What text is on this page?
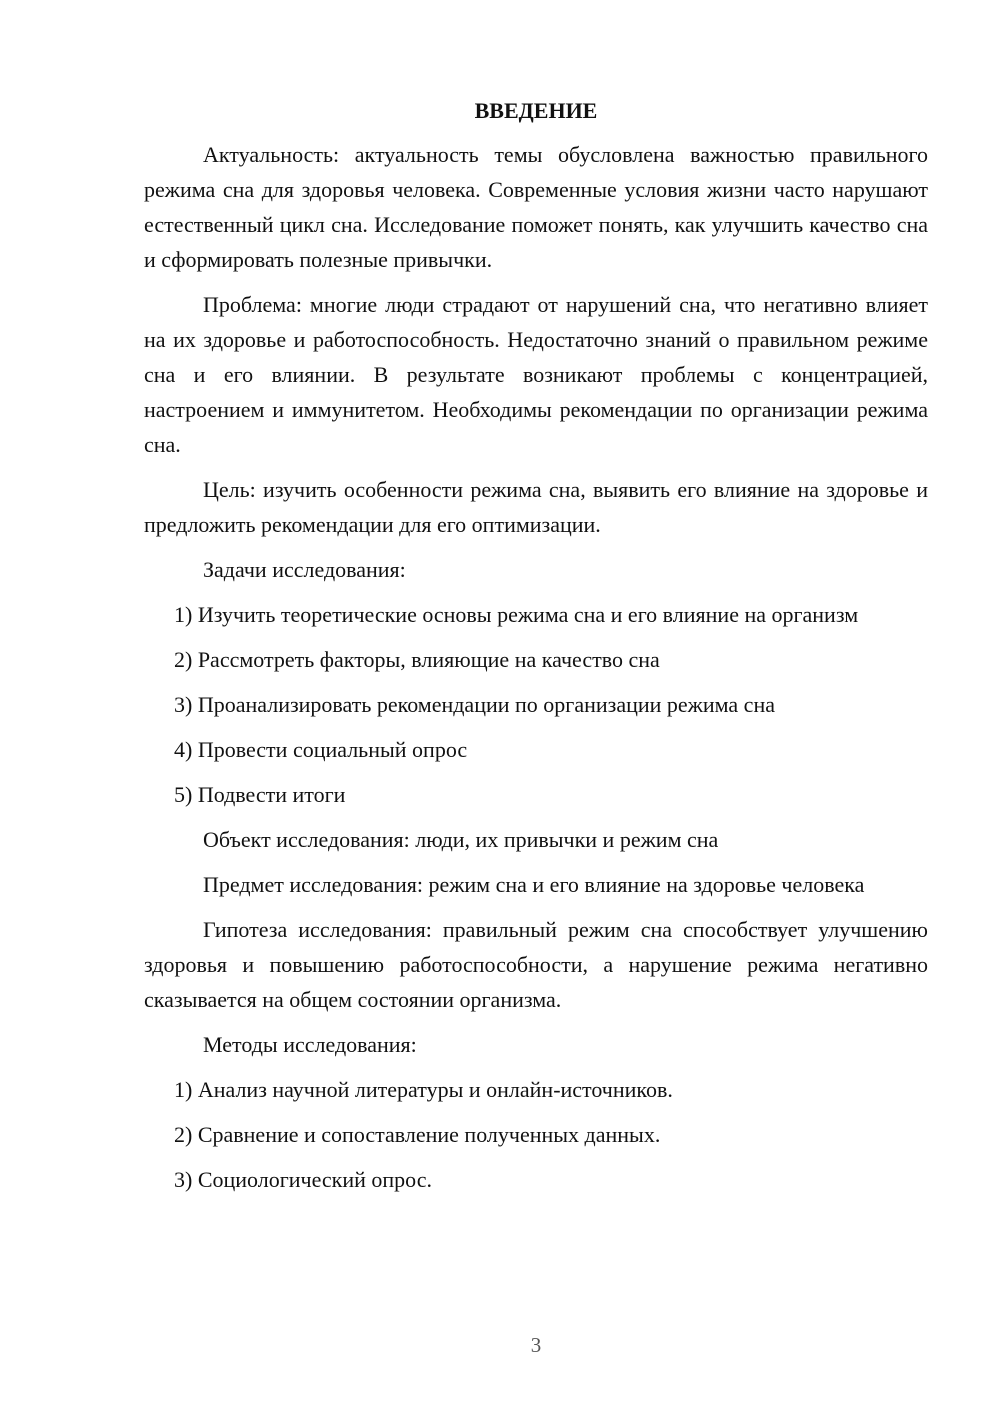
ВВЕДЕНИЕ

Актуальность: актуальность темы обусловлена важностью правильного режима сна для здоровья человека. Современные условия жизни часто нарушают естественный цикл сна. Исследование поможет понять, как улучшить качество сна и сформировать полезные привычки.

Проблема: многие люди страдают от нарушений сна, что негативно влияет на их здоровье и работоспособность. Недостаточно знаний о правильном режиме сна и его влиянии. В результате возникают проблемы с концентрацией, настроением и иммунитетом. Необходимы рекомендации по организации режима сна.

Цель: изучить особенности режима сна, выявить его влияние на здоровье и предложить рекомендации для его оптимизации.

Задачи исследования:

1) Изучить теоретические основы режима сна и его влияние на организм

2) Рассмотреть факторы, влияющие на качество сна

3) Проанализировать рекомендации по организации режима сна

4) Провести социальный опрос

5) Подвести итоги

Объект исследования: люди, их привычки и режим сна

Предмет исследования: режим сна и его влияние на здоровье человека

Гипотеза исследования: правильный режим сна способствует улучшению здоровья и повышению работоспособности, а нарушение режима негативно сказывается на общем состоянии организма.

Методы исследования:

1) Анализ научной литературы и онлайн-источников.

2) Сравнение и сопоставление полученных данных.

3) Социологический опрос.

3
